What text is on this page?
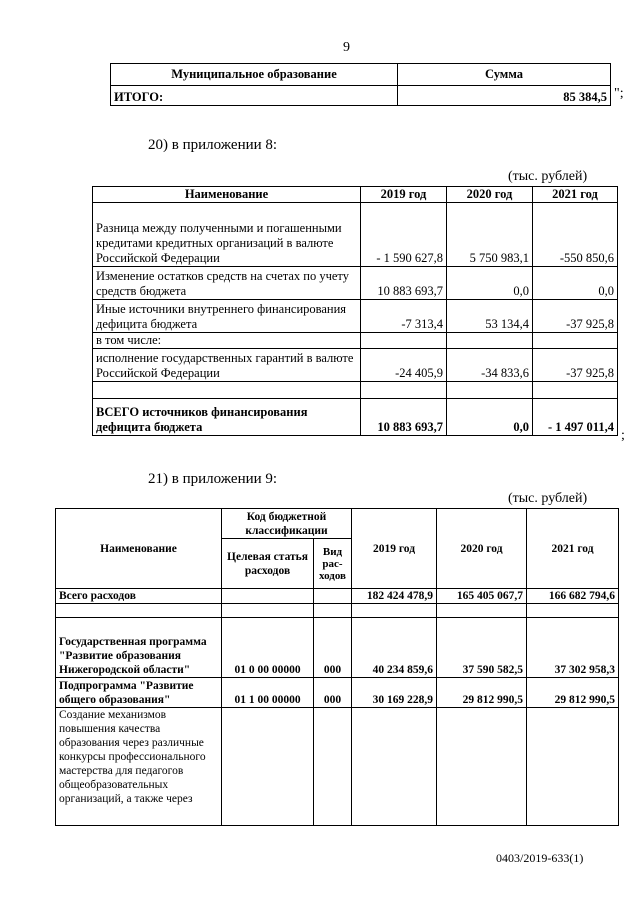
9
Муниципальное образование	Сумма
ИТОГО:	85 384,5 ";
20) в приложении 8:
(тыс. рублей)
Наименование	2019 год	2020 год	2021 год
Разница между полученными и погашенными кредитами кредитных организаций в валюте Российской Федерации	- 1 590 627,8	5 750 983,1	-550 850,6
Изменение остатков средств на счетах по учету средств бюджета	10 883 693,7	0,0	0,0
Иные источники внутреннего финансирования дефицита бюджета	-7 313,4	53 134,4	-37 925,8
в том числе:			
исполнение государственных гарантий в валюте Российской Федерации	-24 405,9	-34 833,6	-37 925,8

ВСЕГО источников финансирования дефицита бюджета	10 883 693,7	0,0	- 1 497 011,4
;
21) в приложении 9:
(тыс. рублей)
Наименование	Код бюджетной классификации		2019 год	2020 год	2021 год
	Целевая статья расходов	Вид рас-ходов			
Всего расходов			182 424 478,9	165 405 067,7	166 682 794,6

Государственная программа "Развитие образования Нижегородской области"	01 0 00 00000	000	40 234 859,6	37 590 582,5	37 302 958,3
Подпрограмма "Развитие общего образования"	01 1 00 00000	000	30 169 228,9	29 812 990,5	29 812 990,5
Создание механизмов повышения качества образования через различные конкурсы профессионального мастерства для педагогов общеобразовательных организаций, а также через					
0403/2019-633(1)
